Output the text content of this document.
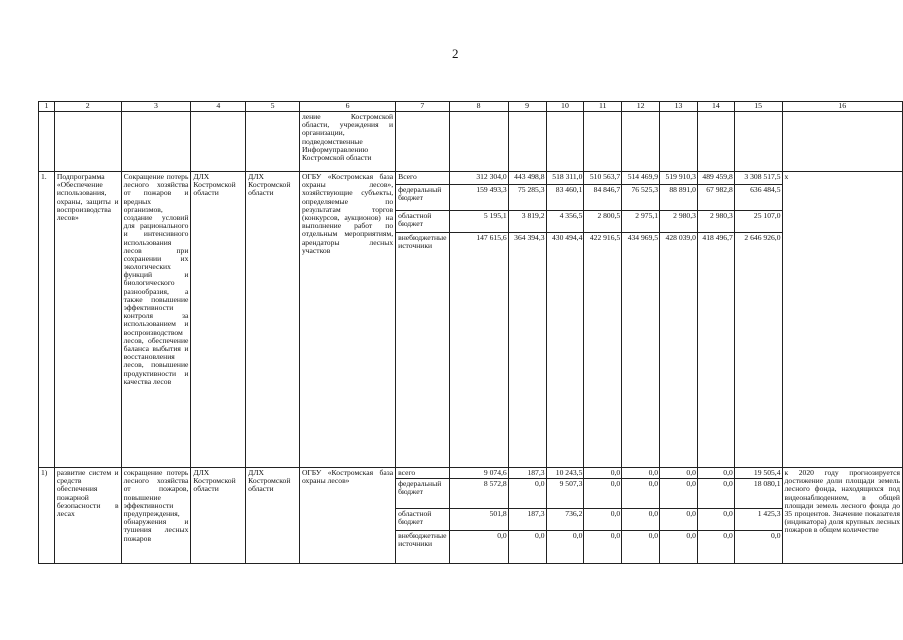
2
1	2	3	4	5	6	7	8	9	10	11	12	13	14	15	16
					ление Костромской области, учреждения и организации, подведомственные Информуправлению Костромской области										
1.	Подпрограмма «Обеспечение использования, охраны, защиты и воспроизводства лесов»	Сокращение потерь лесного хозяйства от пожаров и вредных организмов, создание условий для рационального и интенсивного использования лесов при сохранении их экологических функций и биологического разнообразия, а также повышение эффективности контроля за использованием и воспроизводством лесов, обеспечение баланса выбытия и восстановления лесов, повышение продуктивности и качества лесов	ДЛХ Костромской области	ДЛХ Костромской области	ОГБУ «Костромская база охраны лесов», хозяйствующие субъекты, определяемые по результатам торгов (конкурсов, аукционов) на выполнение работ по отдельным мероприятиям, арендаторы лесных участков	Всего	312 304,0	443 498,8	518 311,0	510 563,7	514 469,9	519 910,3	489 459,8	3 308 517,5	х
						федеральный бюджет	159 493,3	75 285,3	83 460,1	84 846,7	76 525,3	88 891,0	67 982,8	636 484,5	
						областной бюджет	5 195,1	3 819,2	4 356,5	2 800,5	2 975,1	2 980,3	2 980,3	25 107,0	
						внебюджетные источники	147 615,6	364 394,3	430 494,4	422 916,5	434 969,5	428 039,0	418 496,7	2 646 926,0	
1)	развитие систем и средств обеспечения пожарной безопасности в лесах	сокращение потерь лесного хозяйства от пожаров, повышение эффективности предупреждения, обнаружения и тушения лесных пожаров	ДЛХ Костромской области	ДЛХ Костромской области	ОГБУ «Костромская база охраны лесов»	всего	9 074,6	187,3	10 243,5	0,0	0,0	0,0	0,0	19 505,4	к 2020 году прогнозируется достижение доли площади земель лесного фонда, находящихся под видеонаблюдением, в общей площади земель лесного фонда до 35 процентов. Значение показателя (индикатора) доля крупных лесных пожаров в общем количестве
						федеральный бюджет	8 572,8	0,0	9 507,3	0,0	0,0	0,0	0,0	18 080,1	
						областной бюджет	501,8	187,3	736,2	0,0	0,0	0,0	0,0	1 425,3	
						внебюджетные источники	0,0	0,0	0,0	0,0	0,0	0,0	0,0	0,0	
